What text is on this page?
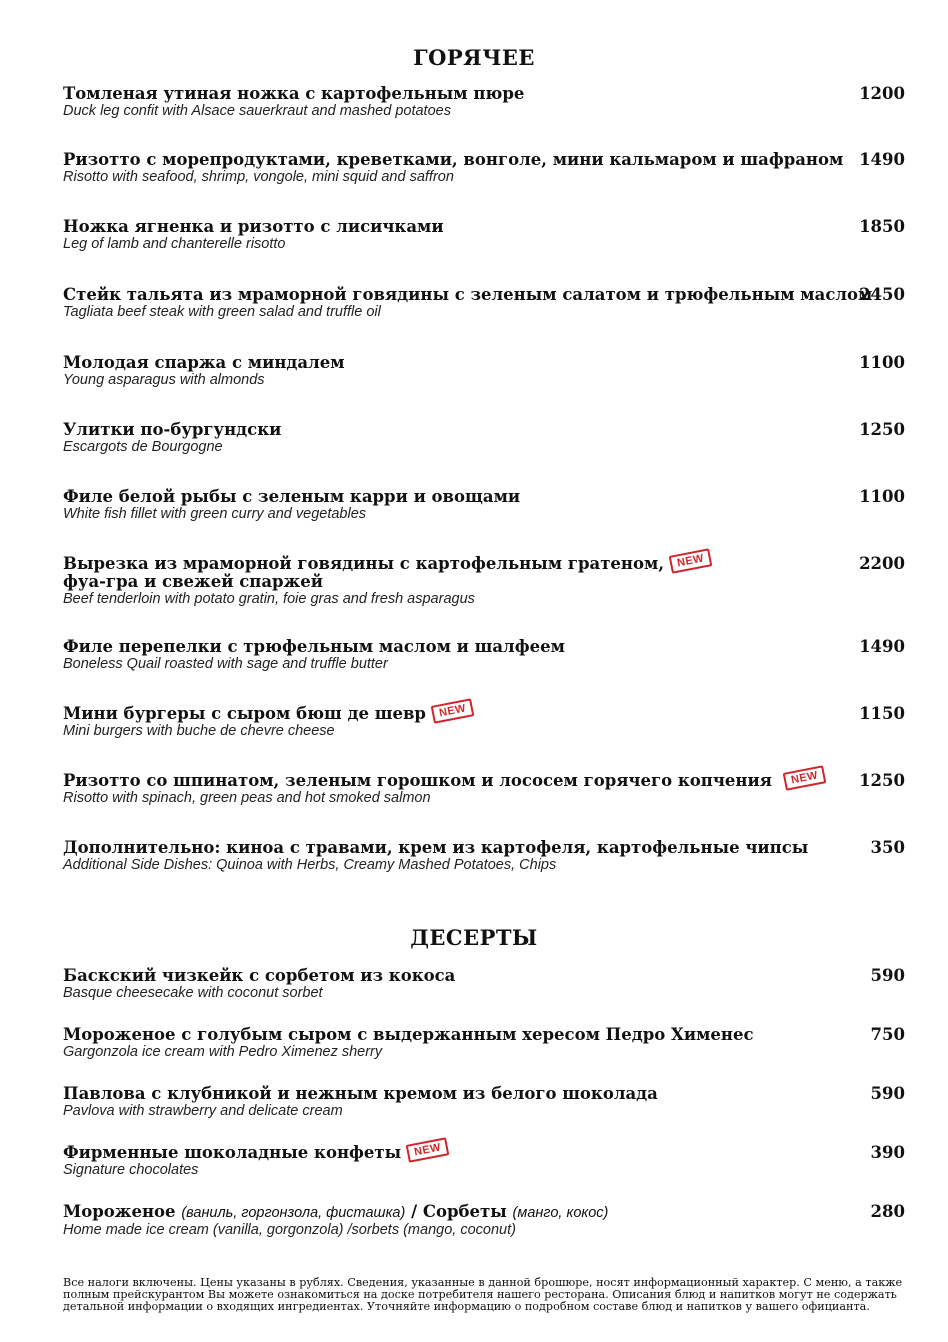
ГОРЯЧЕЕ
Томленая утиная ножка с картофельным пюре
Duck leg confit with Alsace sauerkraut and mashed potatoes
1200
Ризотто с морепродуктами, креветками, вонголе, мини кальмаром и шафраном
Risotto with seafood, shrimp, vongole, mini squid and saffron
1490
Ножка ягненка и ризотто с лисичками
Leg of lamb and chanterelle risotto
1850
Стейк тальята из мраморной говядины с зеленым салатом и трюфельным маслом
Tagliata beef steak with green salad and truffle oil
2450
Молодая спаржа с миндалем
Young asparagus with almonds
1100
Улитки по-бургундски
Escargots de Bourgogne
1250
Филе белой рыбы с зеленым карри и овощами
White fish fillet with green curry and vegetables
1100
Вырезка из мраморной говядины с картофельным гратеном, NEW
фуа-гра и свежей спаржей
Beef tenderloin with potato gratin, foie gras and fresh asparagus
2200
Филе перепелки с трюфельным маслом и шалфеем
Boneless Quail roasted with sage and truffle butter
1490
Мини бургеры с сыром бюш де шевр NEW
Mini burgers with buche de chevre cheese
1150
Ризотто со шпинатом, зеленым горошком и лососем горячего копчения NEW
Risotto with spinach, green peas and hot smoked salmon
1250
Дополнительно: киноа с травами, крем из картофеля, картофельные чипсы
Additional Side Dishes: Quinoa with Herbs, Creamy Mashed Potatoes, Chips
350
ДЕСЕРТЫ
Баскский чизкейк с сорбетом из кокоса
Basque cheesecake with coconut sorbet
590
Мороженое с голубым сыром с выдержанным хересом Педро Хименес
Gargonzola ice cream with Pedro Ximenez sherry
750
Павлова с клубникой и нежным кремом из белого шоколада
Pavlova with strawberry and delicate cream
590
Фирменные шоколадные конфеты NEW
Signature chocolates
390
Мороженое (ваниль, горгонзола, фисташка) / Сорбеты (манго, кокос)
Home made ice cream (vanilla, gorgonzola) /sorbets (mango, coconut)
280
Все налоги включены. Цены указаны в рублях. Сведения, указанные в данной брошюре, носят информационный характер. С меню, а также полным прейскурантом Вы можете ознакомиться на доске потребителя нашего ресторана. Описания блюд и напитков могут не содержать детальной информации о входящих ингредиентах. Уточняйте информацию о подробном составе блюд и напитков у вашего официанта.
